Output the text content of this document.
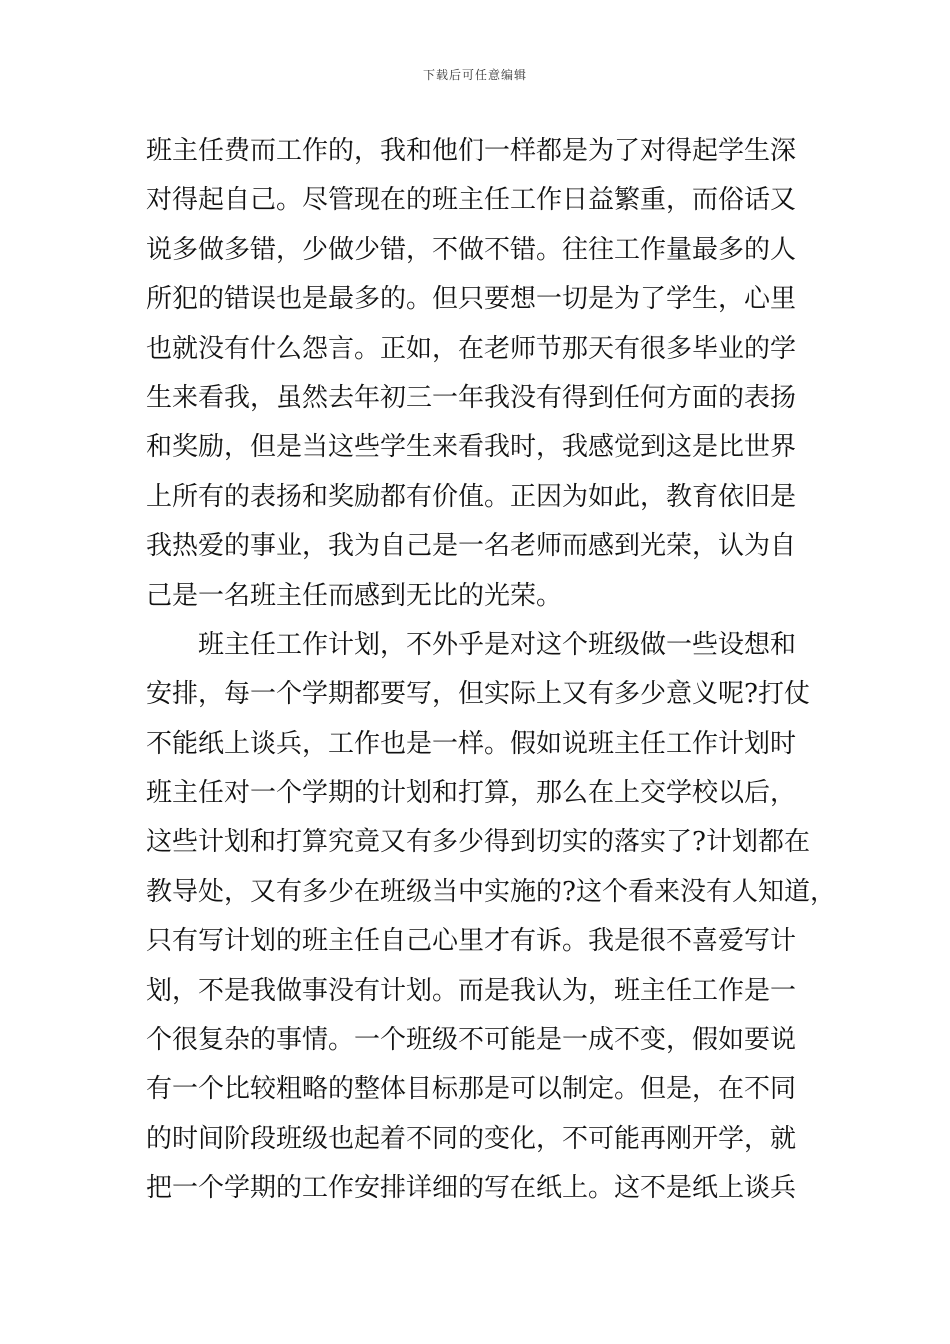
下载后可任意编辑
班主任费而工作的，我和他们一样都是为了对得起学生深
对得起自己。尽管现在的班主任工作日益繁重，而俗话又
说多做多错，少做少错，不做不错。往往工作量最多的人
所犯的错误也是最多的。但只要想一切是为了学生，心里
也就没有什么怨言。正如，在老师节那天有很多毕业的学
生来看我，虽然去年初三一年我没有得到任何方面的表扬
和奖励，但是当这些学生来看我时，我感觉到这是比世界
上所有的表扬和奖励都有价值。正因为如此，教育依旧是
我热爱的事业，我为自己是一名老师而感到光荣，认为自
己是一名班主任而感到无比的光荣。
班主任工作计划，不外乎是对这个班级做一些设想和
安排，每一个学期都要写，但实际上又有多少意义呢?打仗
不能纸上谈兵，工作也是一样。假如说班主任工作计划时
班主任对一个学期的计划和打算，那么在上交学校以后，
这些计划和打算究竟又有多少得到切实的落实了?计划都在
教导处，又有多少在班级当中实施的?这个看来没有人知道，
只有写计划的班主任自己心里才有诉。我是很不喜爱写计
划，不是我做事没有计划。而是我认为，班主任工作是一
个很复杂的事情。一个班级不可能是一成不变，假如要说
有一个比较粗略的整体目标那是可以制定。但是，在不同
的时间阶段班级也起着不同的变化，不可能再刚开学，就
把一个学期的工作安排详细的写在纸上。这不是纸上谈兵
